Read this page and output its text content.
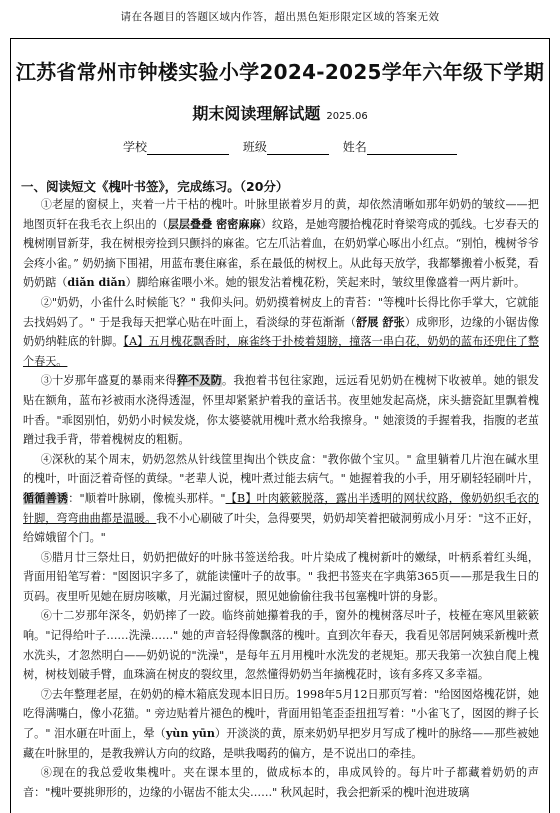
请在各题目的答题区域内作答，超出黑色矩形限定区域的答案无效
江苏省常州市钟楼实验小学2024-2025学年六年级下学期
期末阅读理解试题 2025.06
学校	班级	姓名
一、阅读短文《槐叶书签》，完成练习。（20分）

①老屋的窗棂上，夹着一片干枯的槐叶。叶脉里嵌着岁月的黄，却依然清晰如那年奶奶的皱纹——把地图页轩在我毛衣上织出的（层层叠叠 密密麻麻）纹路，是她弯腰拾槐花时脊梁弯成的弧线。七岁春天的槐树刚冒新芽，我在树根旁捡到只颤抖的麻雀。它左爪沾着血，在奶奶掌心啄出小红点。“别怕，槐树爷爷会疼小雀。” 奶奶摘下围裙，用蓝布裹住麻雀，系在最低的树杈上。从此每天放学，我都攀搬着小板凳，看奶奶踮（diǎn diǎn）脚给麻雀喂小米。她的银发沾着槐花粉，笑起来时，皱纹里像盛着一两片新叶。

②"奶奶，小雀什么时候能飞？" 我仰头问。奶奶摸着树皮上的青苔："等槐叶长得比你手掌大，它就能去找妈妈了。" 于是我每天把掌心贴在叶面上，看淡绿的芽苞渐渐（舒展 舒张）成卵形，边缘的小锯齿像奶奶纳鞋底的针脚。【A】五月槐花飘香时，麻雀终于扑棱着翅膀，撞落一串白花，奶奶的蓝布还兜住了整个春天。

③十岁那年盛夏的暴雨来得猝不及防。我抱着书包往家跑，远远看见奶奶在槐树下收被单。她的银发贴在额角，蓝布衫被雨水浇得透湿，怀里却紧紧护着我的童话书。夜里她发起高烧，床头搪瓷缸里飘着槐叶香。"乖囡别怕，奶奶小时候发烧，你太婆婆就用槐叶煮水给我擦身。" 她滚烫的手握着我，指腹的老茧蹭过我手背，带着槐树皮的粗粝。

④深秋的某个周末，奶奶忽然从针线筐里掏出个铁皮盒："教你做个宝贝。" 盒里躺着几片泡在碱水里的槐叶，叶面泛着奇怪的黄绿。"老辈人说，槐叶煮过能去病气。" 她握着我的小手，用牙刷轻轻刷叶片，循循善诱："顺着叶脉刷，像梳头那样。"【B】叶肉簌簌脱落，露出半透明的网状纹路，像奶奶织毛衣的针脚，弯弯曲曲都是温暖。我不小心刷破了叶尖，急得要哭，奶奶却笑着把破洞剪成小月牙："这不正好，给嫦娥留个门。"

⑤腊月廿三祭灶日，奶奶把做好的叶脉书签送给我。叶片染成了槐树新叶的嫩绿，叶柄系着红头绳，背面用铅笔写着："囡囡识字多了，就能读懂叶子的故事。" 我把书签夹在字典第365页——那是我生日的页码。夜里听见她在厨房咳嗽，月光漏过窗棂，照见她偷偷往我书包塞槐叶饼的身影。

⑥十二岁那年深冬，奶奶摔了一跤。临终前她攥着我的手，窗外的槐树落尽叶子，枝桠在寒风里簌簌响。"记得给叶子……洗澡……" 她的声音轻得像飘落的槐叶。直到次年春天，我看见邻居阿姨采新槐叶煮水洗头，才忽然明白——奶奶说的"洗澡"，是每年五月用槐叶水洗发的老规矩。那天我第一次独自爬上槐树，树枝划破手臂，血珠滴在树皮的裂纹里，忽然懂得奶奶当年摘槐花时，该有多疼又多幸福。

⑦去年整理老屋，在奶奶的樟木箱底发现本旧日历。1998年5月12日那页写着："给囡囡烙槐花饼，她吃得满嘴白，像小花猫。" 旁边贴着片褪色的槐叶，背面用铅笔歪歪扭扭写着："小雀飞了，囡囡的辫子长了。" 泪水砸在叶面上，晕（yùn yūn）开淡淡的黄，原来奶奶早把岁月写成了槐叶的脉络——那些被她藏在叶脉里的，是教我辨认方向的纹路，是哄我喝药的偏方，是不说出口的牵挂。

⑧现在的我总爱收集槐叶。夹在课本里的，做成标本的，串成风铃的。每片叶子都藏着奶奶的声音："槐叶要挑卵形的，边缘的小锯齿不能太尖……" 秋风起时，我会把新采的槐叶泡进玻璃
